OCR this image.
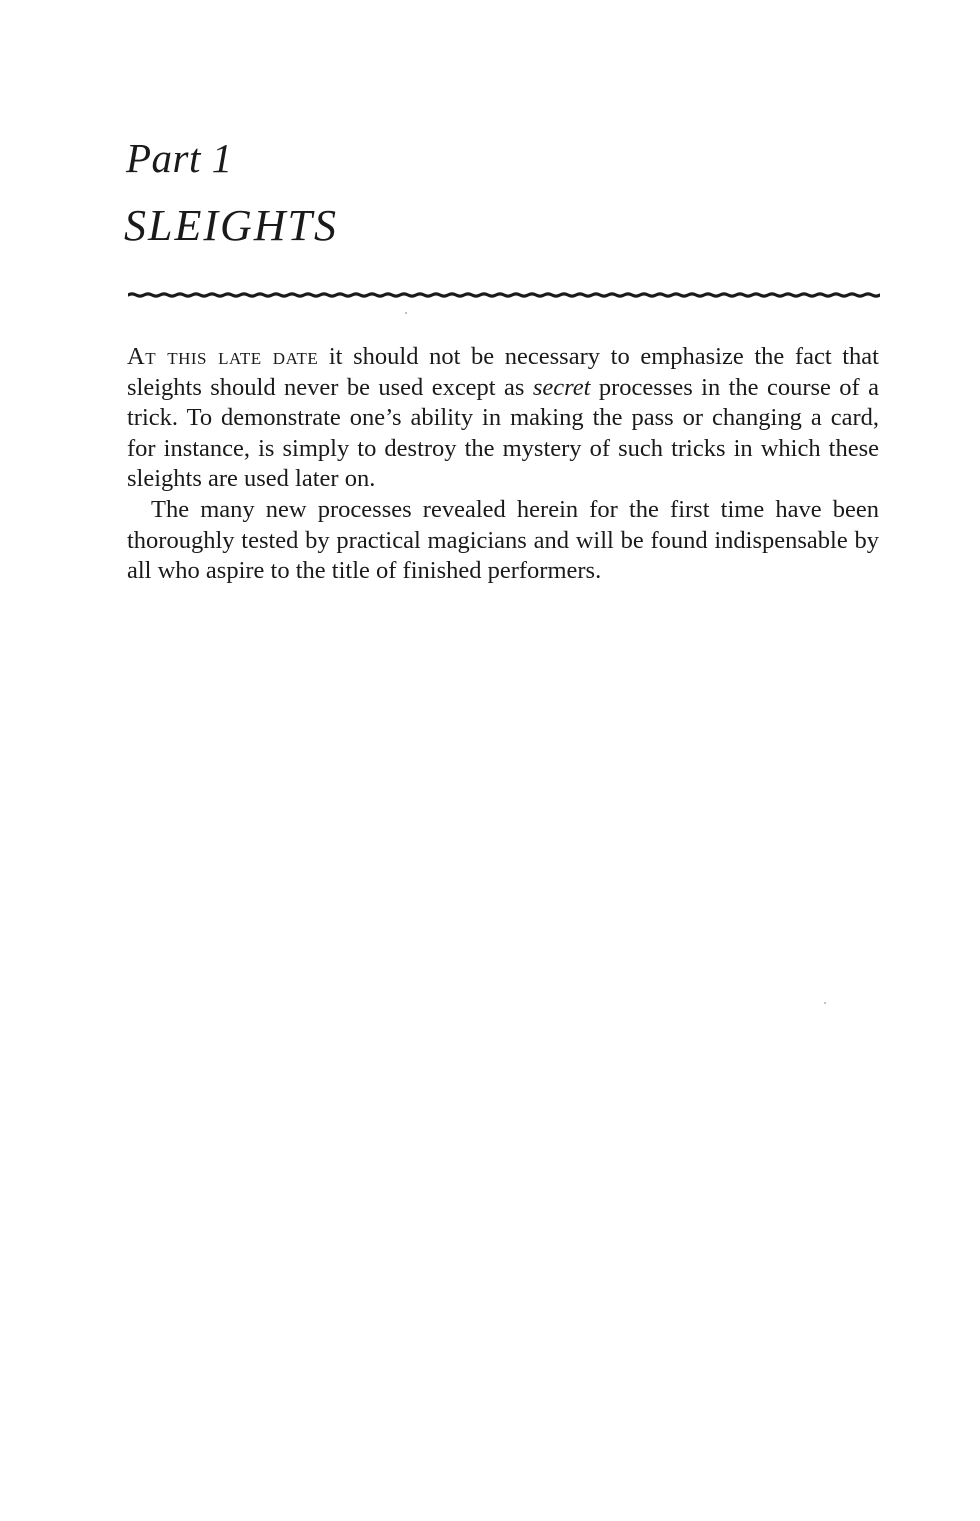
Part 1
SLEIGHTS

At this late date it should not be necessary to emphasize the fact that sleights should never be used except as secret processes in the course of a trick. To demonstrate one’s ability in making the pass or changing a card, for instance, is simply to destroy the mystery of such tricks in which these sleights are used later on.

The many new processes revealed herein for the first time have been thoroughly tested by practical magicians and will be found indispensable by all who aspire to the title of finished performers.
